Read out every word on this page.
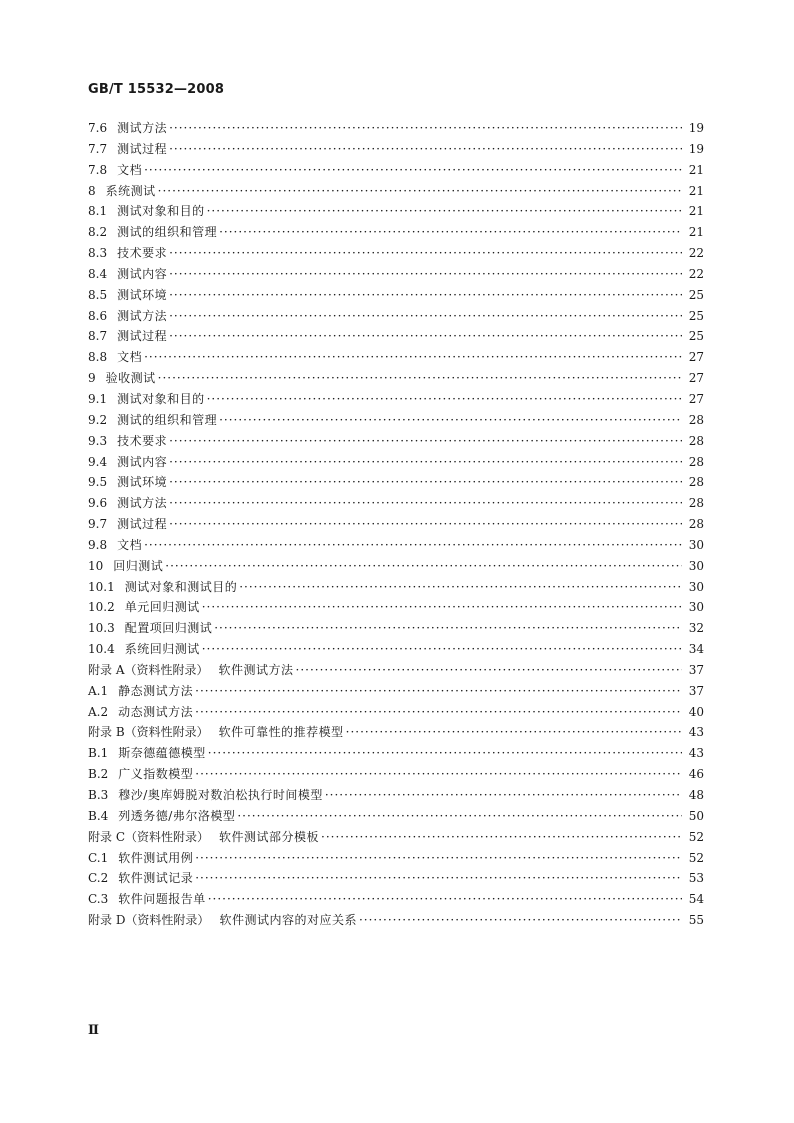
GB/T 15532—2008
7.6 测试方法 ·····	19
7.7 测试过程 ·····	19
7.8 文档 ·····	21
8 系统测试 ·····	21
8.1 测试对象和目的 ·····	21
8.2 测试的组织和管理 ·····	21
8.3 技术要求 ·····	22
8.4 测试内容 ·····	22
8.5 测试环境 ·····	25
8.6 测试方法 ·····	25
8.7 测试过程 ·····	25
8.8 文档 ·····	27
9 验收测试 ·····	27
9.1 测试对象和目的 ·····	27
9.2 测试的组织和管理 ·····	28
9.3 技术要求 ·····	28
9.4 测试内容 ·····	28
9.5 测试环境 ·····	28
9.6 测试方法 ·····	28
9.7 测试过程 ·····	28
9.8 文档 ·····	30
10 回归测试 ·····	30
10.1 测试对象和测试目的 ·····	30
10.2 单元回归测试 ·····	30
10.3 配置项回归测试 ·····	32
10.4 系统回归测试 ·····	34
附录 A（资料性附录） 软件测试方法 ·····	37
A.1 静态测试方法 ·····	37
A.2 动态测试方法 ·····	40
附录 B（资料性附录） 软件可靠性的推荐模型 ·····	43
B.1 斯奈德蕴德模型 ·····	43
B.2 广义指数模型 ·····	46
B.3 穆沙/奥库姆脱对数泊松执行时间模型 ·····	48
B.4 列透务德/弗尔洛模型 ·····	50
附录 C（资料性附录） 软件测试部分模板 ·····	52
C.1 软件测试用例 ·····	52
C.2 软件测试记录 ·····	53
C.3 软件问题报告单 ·····	54
附录 D（资料性附录） 软件测试内容的对应关系 ·····	55
Ⅱ
